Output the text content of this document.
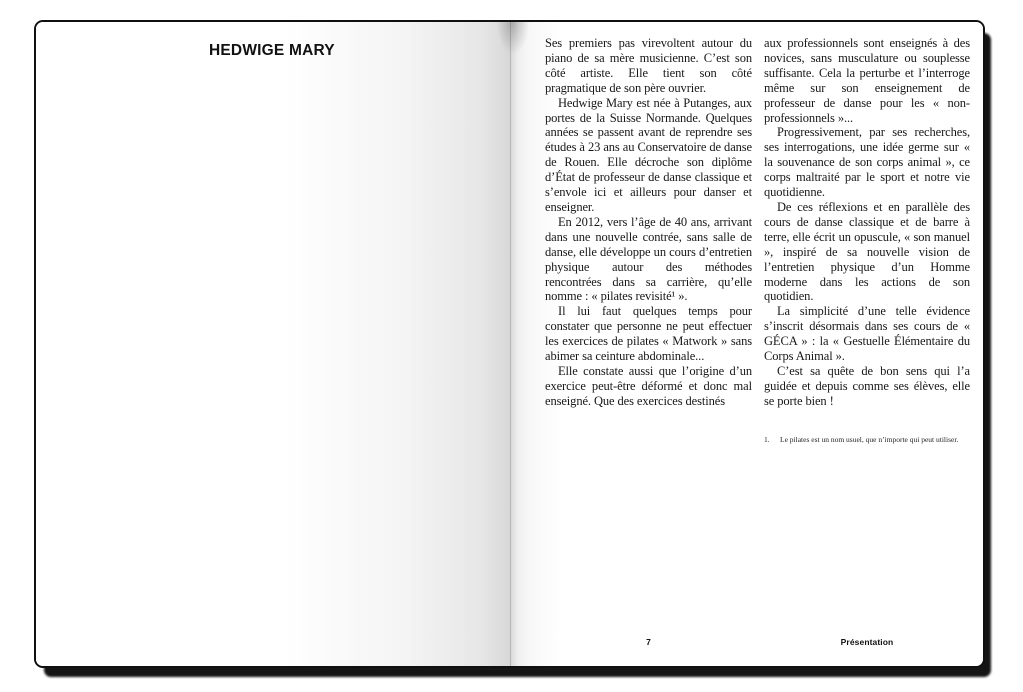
HEDWIGE MARY	Ses premiers pas virevoltent autour du piano de sa mère musicienne. C’est son côté artiste. Elle tient son côté pragmatique de son père ouvrier.

Hedwige Mary est née à Putanges, aux portes de la Suisse Normande. Quelques années se passent avant de reprendre ses études à 23 ans au Conservatoire de danse de Rouen. Elle décroche son diplôme d’État de professeur de danse classique et s’envole ici et ailleurs pour danser et enseigner.

En 2012, vers l’âge de 40 ans, arrivant dans une nouvelle contrée, sans salle de danse, elle développe un cours d’entretien physique autour des méthodes rencontrées dans sa carrière, qu’elle nomme : « pilates revisité¹ ».

Il lui faut quelques temps pour constater que personne ne peut effectuer les exercices de pilates « Matwork » sans abimer sa ceinture abdominale...

Elle constate aussi que l’origine d’un exercice peut-être déformé et donc mal enseigné. Que des exercices destinés

aux professionnels sont enseignés à des novices, sans musculature ou souplesse suffisante. Cela la perturbe et l’interroge même sur son enseignement de professeur de danse pour les « non-professionnels »...

Progressivement, par ses recherches, ses interrogations, une idée germe sur « la souvenance de son corps animal », ce corps maltraité par le sport et notre vie quotidienne.

De ces réflexions et en parallèle des cours de danse classique et de barre à terre, elle écrit un opuscule, « son manuel », inspiré de sa nouvelle vision de l’entretien physique d’un Homme moderne dans les actions de son quotidien.

La simplicité d’une telle évidence s’inscrit désormais dans ses cours de « GÉCA » : la « Gestuelle Élémentaire du Corps Animal ».

C’est sa quête de bon sens qui l’a guidée et depuis comme ses élèves, elle se porte bien !

1.	Le pilates est un nom usuel, que n’importe qui peut utiliser.
7	Présentation
